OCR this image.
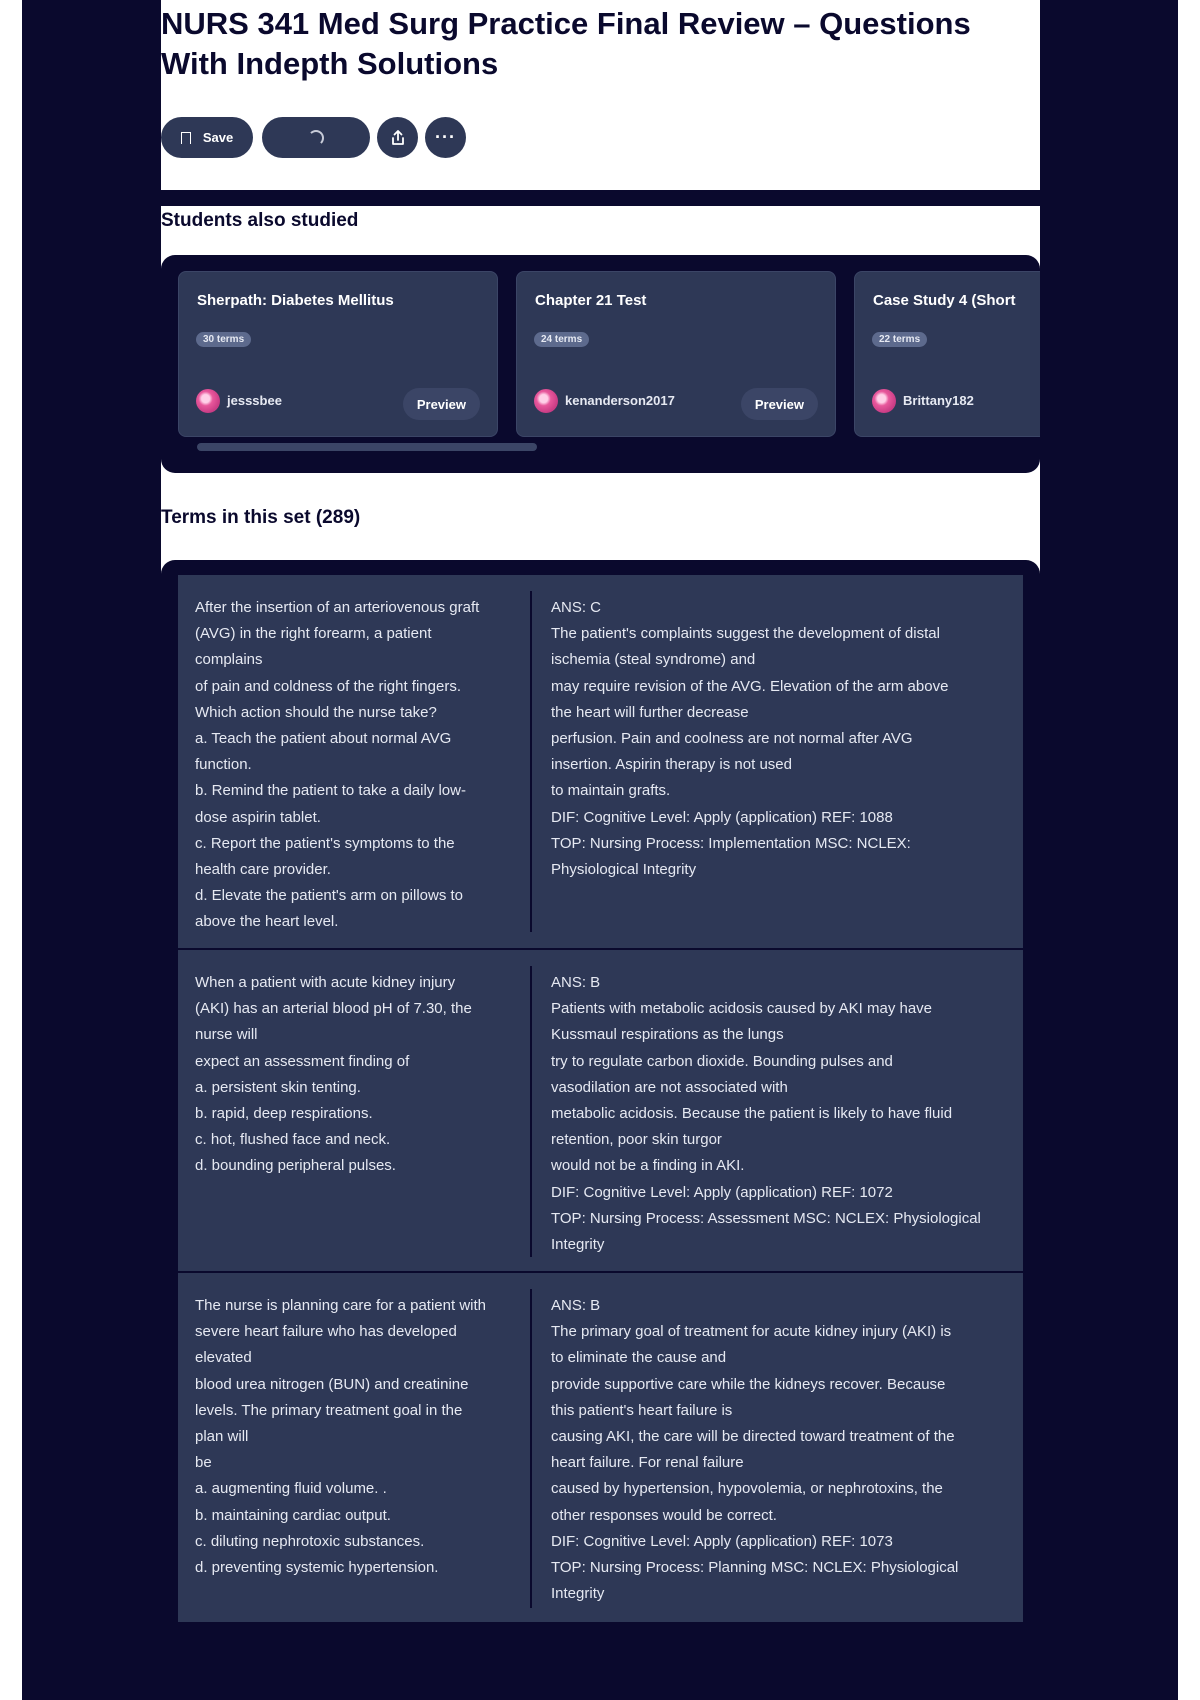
NURS 341 Med Surg Practice Final Review – Questions With Indepth Solutions
Save	···
Students also studied
Sherpath: Diabetes Mellitus
30 terms
jesssbee	Preview
Chapter 21 Test
24 terms
kenanderson2017	Preview
Case Study 4 (Short
22 terms
Brittany182
Terms in this set (289)
After the insertion of an arteriovenous graft
(AVG) in the right forearm, a patient
complains
of pain and coldness of the right fingers.
Which action should the nurse take?
a. Teach the patient about normal AVG
function.
b. Remind the patient to take a daily low-
dose aspirin tablet.
c. Report the patient's symptoms to the
health care provider.
d. Elevate the patient's arm on pillows to
above the heart level.
ANS: C
The patient's complaints suggest the development of distal
ischemia (steal syndrome) and
may require revision of the AVG. Elevation of the arm above
the heart will further decrease
perfusion. Pain and coolness are not normal after AVG
insertion. Aspirin therapy is not used
to maintain grafts.
DIF: Cognitive Level: Apply (application) REF: 1088
TOP: Nursing Process: Implementation MSC: NCLEX:
Physiological Integrity
When a patient with acute kidney injury
(AKI) has an arterial blood pH of 7.30, the
nurse will
expect an assessment finding of
a. persistent skin tenting.
b. rapid, deep respirations.
c. hot, flushed face and neck.
d. bounding peripheral pulses.
ANS: B
Patients with metabolic acidosis caused by AKI may have
Kussmaul respirations as the lungs
try to regulate carbon dioxide. Bounding pulses and
vasodilation are not associated with
metabolic acidosis. Because the patient is likely to have fluid
retention, poor skin turgor
would not be a finding in AKI.
DIF: Cognitive Level: Apply (application) REF: 1072
TOP: Nursing Process: Assessment MSC: NCLEX: Physiological
Integrity
The nurse is planning care for a patient with
severe heart failure who has developed
elevated
blood urea nitrogen (BUN) and creatinine
levels. The primary treatment goal in the
plan will
be
a. augmenting fluid volume. .
b. maintaining cardiac output.
c. diluting nephrotoxic substances.
d. preventing systemic hypertension.
ANS: B
The primary goal of treatment for acute kidney injury (AKI) is
to eliminate the cause and
provide supportive care while the kidneys recover. Because
this patient's heart failure is
causing AKI, the care will be directed toward treatment of the
heart failure. For renal failure
caused by hypertension, hypovolemia, or nephrotoxins, the
other responses would be correct.
DIF: Cognitive Level: Apply (application) REF: 1073
TOP: Nursing Process: Planning MSC: NCLEX: Physiological
Integrity
